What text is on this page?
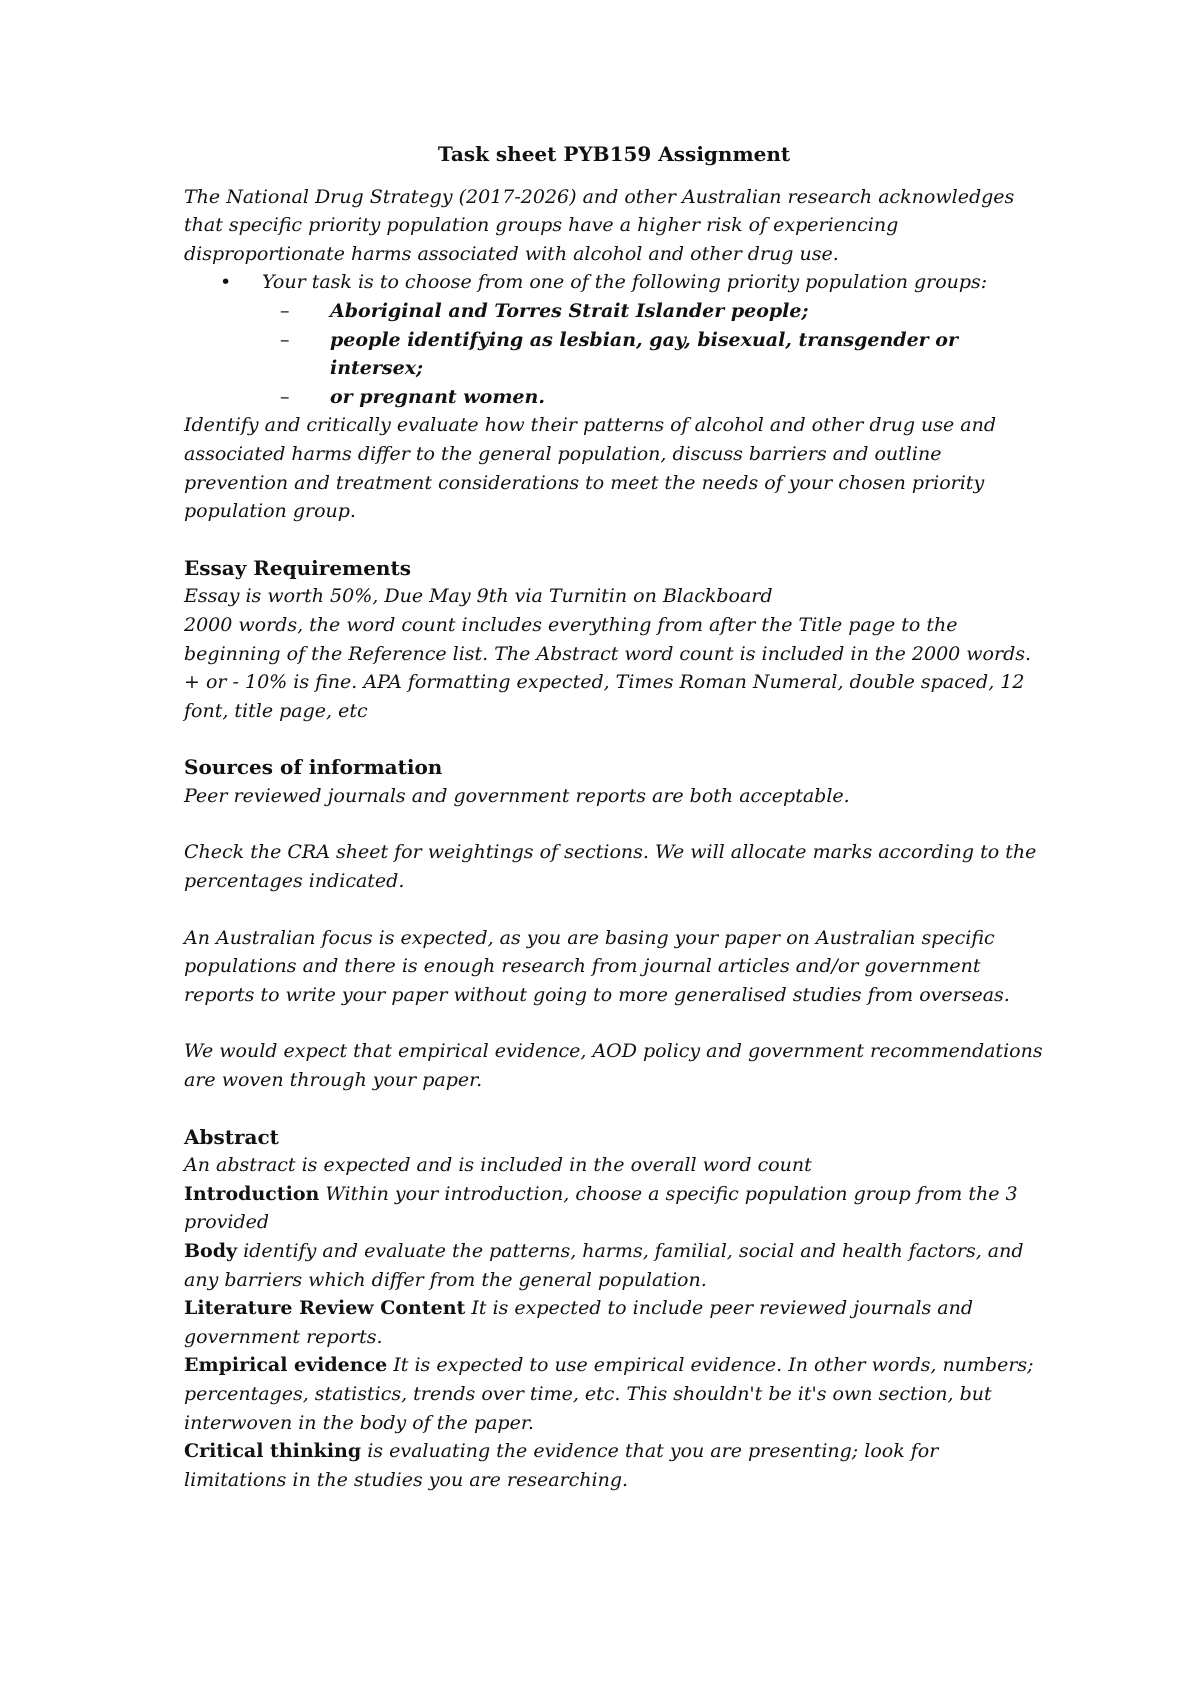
Task sheet PYB159 Assignment

The National Drug Strategy (2017-2026) and other Australian research acknowledges that specific priority population groups have a higher risk of experiencing disproportionate harms associated with alcohol and other drug use.

•	Your task is to choose from one of the following priority population groups:
–	Aboriginal and Torres Strait Islander people;
–	people identifying as lesbian, gay, bisexual, transgender or intersex;
–	or pregnant women.

Identify and critically evaluate how their patterns of alcohol and other drug use and associated harms differ to the general population, discuss barriers and outline prevention and treatment considerations to meet the needs of your chosen priority population group.

Essay Requirements

Essay is worth 50%, Due May 9th via Turnitin on Blackboard

2000 words, the word count includes everything from after the Title page to the beginning of the Reference list. The Abstract word count is included in the 2000 words. + or - 10% is fine. APA formatting expected, Times Roman Numeral, double spaced, 12 font, title page, etc

Sources of information

Peer reviewed journals and government reports are both acceptable.

Check the CRA sheet for weightings of sections. We will allocate marks according to the percentages indicated.

An Australian focus is expected, as you are basing your paper on Australian specific populations and there is enough research from journal articles and/or government reports to write your paper without going to more generalised studies from overseas.

We would expect that empirical evidence, AOD policy and government recommendations are woven through your paper.

Abstract

An abstract is expected and is included in the overall word count

Introduction Within your introduction, choose a specific population group from the 3 provided

Body identify and evaluate the patterns, harms, familial, social and health factors, and any barriers which differ from the general population.

Literature Review Content It is expected to include peer reviewed journals and government reports.

Empirical evidence It is expected to use empirical evidence. In other words, numbers; percentages, statistics, trends over time, etc. This shouldn't be it's own section, but interwoven in the body of the paper.

Critical thinking is evaluating the evidence that you are presenting; look for limitations in the studies you are researching.
